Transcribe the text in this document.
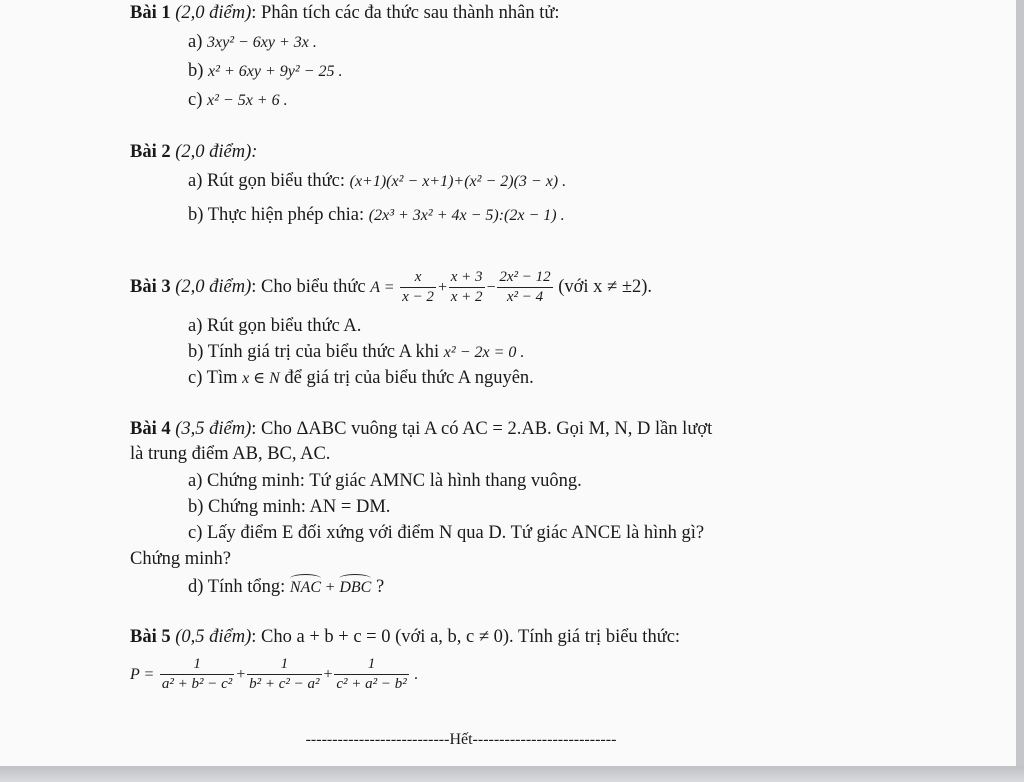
Bài 1 (2,0 điểm): Phân tích các đa thức sau thành nhân tử:
a) 3xy² − 6xy + 3x .
b) x² + 6xy + 9y² − 25 .
c) x² − 5x + 6 .
Bài 2 (2,0 điểm):
a) Rút gọn biểu thức: (x+1)(x² − x+1)+(x² − 2)(3 − x) .
b) Thực hiện phép chia: (2x³ + 3x² + 4x − 5):(2x − 1) .
Bài 3 (2,0 điểm): Cho biểu thức $A = \frac{x}{x - 2} + \frac{x + 3}{x + 2} - \frac{\text{2x² − 12}}{\text{x² − 4}}$ (với x ≠ ±2).
a) Rút gọn biểu thức A.
b) Tính giá trị của biểu thức A khi x² − 2x = 0 .
c) Tìm x ∈ N để giá trị của biểu thức A nguyên.
Bài 4 (3,5 điểm): Cho ΔABC vuông tại A có AC = 2.AB. Gọi M, N, D lần lượt
là trung điểm AB, BC, AC.
a) Chứng minh: Tứ giác AMNC là hình thang vuông.
b) Chứng minh: AN = DM.
c) Lấy điểm E đối xứng với điểm N qua D. Tứ giác ANCE là hình gì?
Chứng minh?
d) Tính tổng: NAC + DBC ?
Bài 5 (0,5 điểm): Cho a + b + c = 0 (với a, b, c ≠ 0). Tính giá trị biểu thức:
$P = \frac{1}{\text{a² + b² − c²}} + \frac{1}{\text{b² + c² − a²}} + \frac{1}{\text{c² + a² − b²}}$ .
---------------------------Hết---------------------------
